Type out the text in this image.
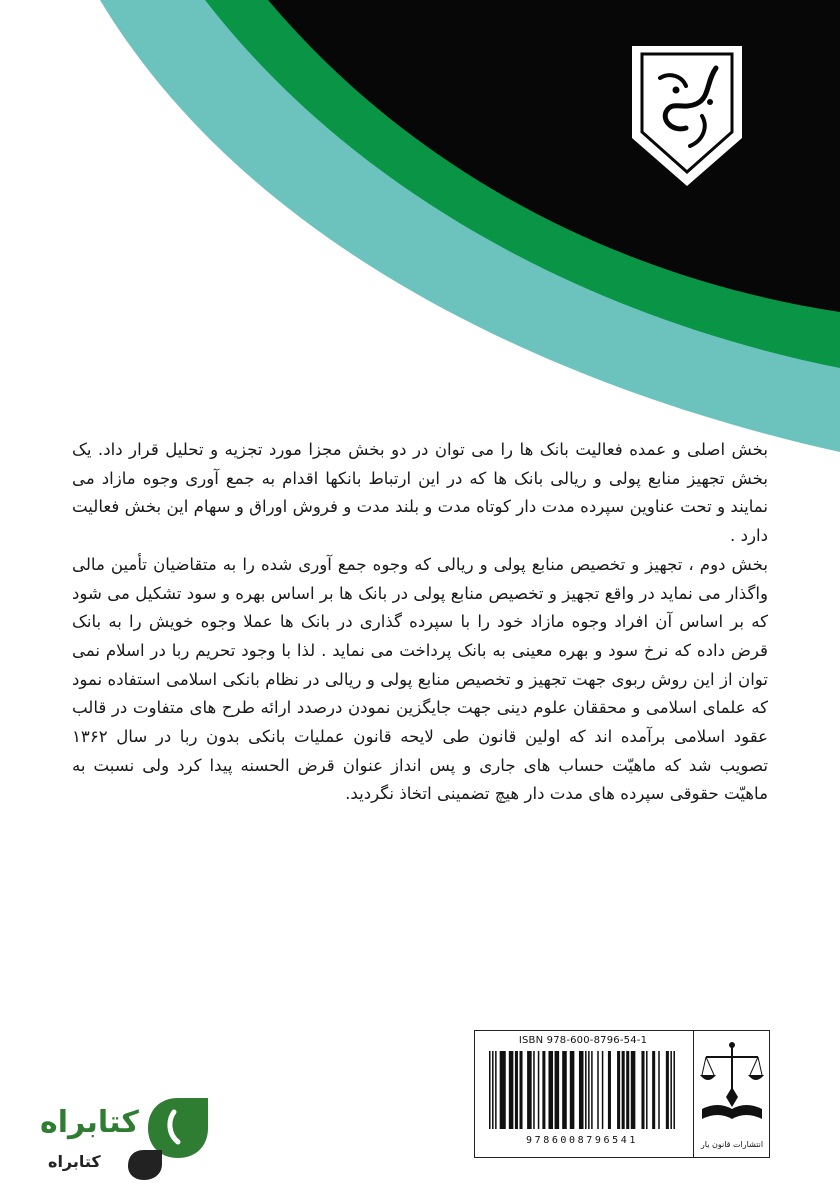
بخش اصلی و عمده فعالیت بانک ها را می توان در دو بخش مجزا مورد تجزیه و تحلیل قرار داد. یک بخش تجهیز منابع پولی و ریالی بانک ها که در این ارتباط بانکها اقدام به جمع آوری وجوه مازاد می نمایند و تحت عناوین سپرده مدت دار کوتاه مدت و بلند مدت و فروش اوراق و سهام این بخش فعالیت دارد .

بخش دوم ، تجهیز و تخصیص منابع پولی و ریالی که وجوه جمع آوری شده را به متقاضیان تأمین مالی واگذار می نماید در واقع تجهیز و تخصیص منابع پولی در بانک ها بر اساس بهره و سود تشکیل می شود که بر اساس آن افراد وجوه مازاد خود را با سپرده گذاری در بانک ها عملا وجوه خویش را به بانک قرض داده که نرخ سود و بهره معینی به بانک پرداخت می نماید . لذا با وجود تحریم ربا در اسلام نمی توان از این روش ربوی جهت تجهیز و تخصیص منابع پولی و ریالی در نظام بانکی اسلامی استفاده نمود که علمای اسلامی و محققان علوم دینی جهت جایگزین نمودن درصدد ارائه طرح های متفاوت در قالب عقود اسلامی برآمده اند که اولین قانون طی لایحه قانون عملیات بانکی بدون ربا در سال ۱۳۶۲ تصویب شد که ماهیّت حساب های جاری و پس انداز عنوان قرض الحسنه پیدا کرد ولی نسبت به ماهیّت حقوقی سپرده های مدت دار هیچ تضمینی اتخاذ نگردید.

ISBN 978-600-8796-54-1
9786008796541	انتشارات قانون یار
کتابراه
کتابراه
